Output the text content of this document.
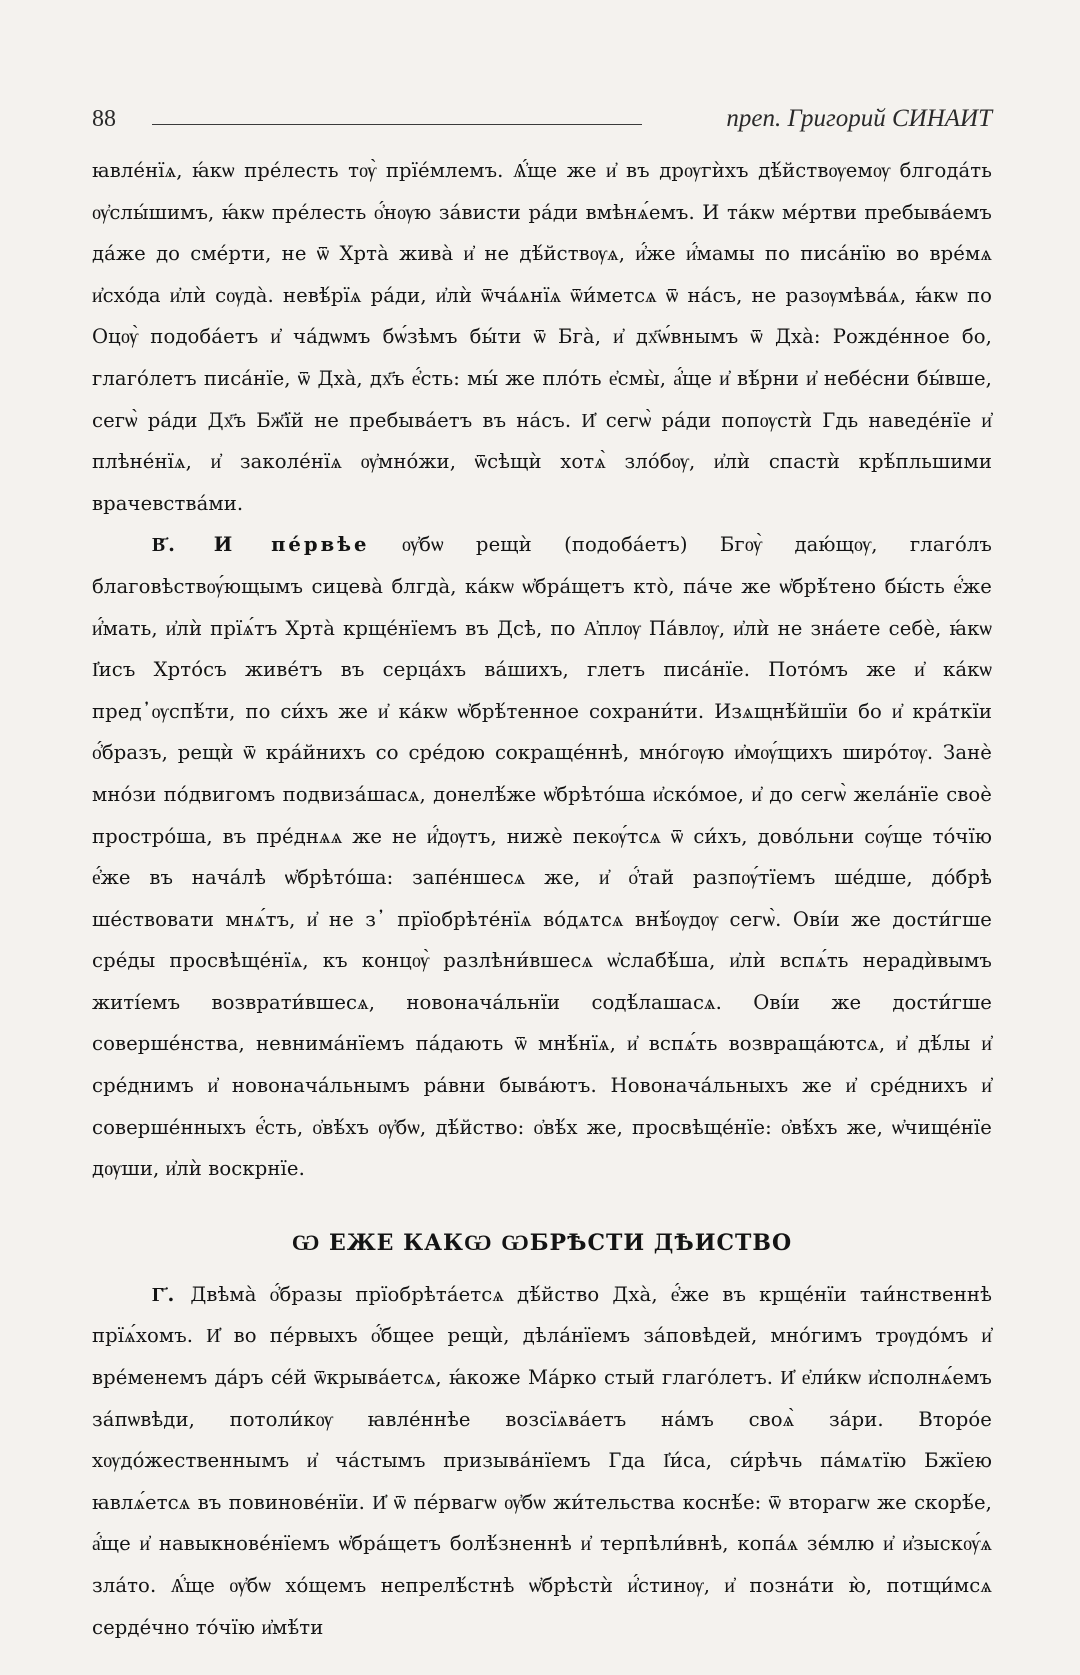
88	преп. Григорий СИНАИТ

ꙗвле́нїѧ, ꙗ́кѡ пре́лесть тѹ̀ прїе́млемъ. Ѧ҆́ще же и҆ въ дрѹгѝхъ дѣ́йствѹемѹ блгода́ть ѹ҆слы́шимъ, ꙗ́кѡ пре́лесть о҆́нѹю за́висти ра́ди вмѣнѧ́емъ. И та́кѡ ме́ртви пребыва́емъ да́же до сме́рти, не ѿ Хрта̀ жива̀ и҆ не дѣ́йствѹѧ, и҆́же и҆́мамы по писа́нїю во вре́мѧ и҆схо́да и҆лѝ сѹда̀. невѣ́рїѧ ра́ди, и҆лѝ ѿча́ѧнїѧ ѿи́метсѧ ѿ на́съ, не разѹмѣва́ѧ, ꙗ́кѡ по Оцѹ̀ подоба́етъ и҆ ча́дѡмъ бѡ́зѣмъ бы́ти ѿ Бга̀, и҆ дх҃ѡ́внымъ ѿ Дха̀: Рожде́нное бо, глаго́летъ писа́нїе, ѿ Дха̀, дх҃ъ е҆́сть: мы́ же пло́ть е҆смы̀, а҆́ще и҆ вѣ́рни и҆ небе́сни бы́вше, сегѡ̀ ра́ди Дх҃ъ Бж҃їй не пребыва́етъ въ на́съ. И҆ сегѡ̀ ра́ди попѹстѝ Гдь наведе́нїе и҆ плѣне́нїѧ, и҆ заколе́нїѧ ѹ҆мно́жи, ѿсѣщѝ хотѧ̀ зло́бѹ, и҆лѝ спастѝ крѣ́пльшими врачевства́ми.

В҃. И пе́рвѣе ѹ҆бѡ рещѝ (подоба́етъ) Бгѹ̀ даю́щѹ, глаго́лъ благовѣствѹ́ющымъ сицева̀ блгда̀, ка́кѡ ѡ҆бра́щетъ кто̀, па́че же ѡ҆брѣ́тено бы́сть е҆́же и҆́мать, и҆лѝ прїѧ́тъ Хрта̀ крще́нїемъ въ Дсѣ, по А҆плѹ Па́влѹ, и҆лѝ не зна́ете себѐ, ꙗ́кѡ І҆исъ Хрто́съ живе́тъ въ серца́хъ ва́шихъ, глетъ писа́нїе. Пото́мъ же и҆ ка́кѡ пред᾿ѹспѣ́ти, по си́хъ же и҆ ка́кѡ ѡ҆брѣ́тенное сохрани́ти. Изѧщнѣ́йшїи бо и҆ кра́ткїи о҆́бразъ, рещѝ ѿ кра́йнихъ со сре́дою сокраще́ннѣ, мно́гѹю и҆мѹ́щихъ широ́тѹ. Занѐ мно́зи по́двигомъ подвиза́шасѧ, донелѣ́же ѡ҆брѣто́ша и҆ско́мое, и҆ до сегѡ̀ жела́нїе своѐ простро́ша, въ пре́днѧѧ же не и҆́дѹтъ, нижѐ пекѹ́тсѧ ѿ си́хъ, дово́льни сѹ́ще то́чїю е҆́же въ нача́лѣ ѡ҆брѣто́ша: запе́ншесѧ же, и҆ о҆́тай разпѹ́тїемъ ше́дше, до́брѣ ше́ствовати мнѧ́тъ, и҆ не з᾿ прїобрѣте́нїѧ во́дѧтсѧ внѣ́ѹдѹ сегѡ̀. Ові́и же дости́гше сре́ды просвѣще́нїѧ, къ концѹ̀ разлѣни́вшесѧ ѡ҆слабѣ́ша, и҆лѝ вспѧ́ть нерадѝвымъ житі́емъ возврати́вшесѧ, новонача́льнїи содѣ́лашасѧ. Ові́и же дости́гше соверше́нства, невнима́нїемъ па́дають ѿ мнѣ́нїѧ, и҆ вспѧ́ть возвраща́ютсѧ, и҆ дѣ́лы и҆ сре́днимъ и҆ новонача́льнымъ ра́вни быва́ютъ. Новонача́льныхъ же и҆ сре́днихъ и҆ соверше́нныхъ е҆́сть, о҆вѣ́хъ ѹ҆бѡ, дѣ́йство: о҆вѣ́х же, просвѣще́нїе: о҆вѣ́хъ же, ѡ҆чище́нїе дѹши, и҆лѝ воскрнїе.

Ѡ ЕЖЕ КАКѠ ѠБРѢСТИ ДѢИСТВО

Г҃. Двѣма̀ о҆́бразы прїобрѣта́етсѧ дѣ́йство Дха̀, е҆́же въ крще́нїи таи́нственнѣ прїѧ́хомъ. И҆ во пе́рвыхъ о҆́бщее рещѝ, дѣла́нїемъ за́повѣдей, мно́гимъ трѹдо́мъ и҆ вре́менемъ да́ръ се́й ѿкрыва́етсѧ, ꙗ́коже Ма́рко стый глаго́летъ. И҆ е҆ли́кѡ и҆сполнѧ́емъ за́пѡвѣди, потоли́кѹ ꙗвле́ннѣе возсїѧва́етъ на́мъ своѧ̀ за́ри. Второ́е хѹдо́жественнымъ и҆ ча́стымъ призыва́нїемъ Гда І҆и́са, си́рѣчь па́мѧтїю Бжїею ꙗвлѧ́етсѧ въ повинове́нїи. И҆ ѿ пе́рвагѡ ѹ҆бѡ жи́тельства коснѣ́е: ѿ вторагѡ же скорѣ́е, а҆́ще и҆ навыкнове́нїемъ ѡ҆бра́щетъ болѣ́зненнѣ и҆ терпѣли́внѣ, копа́ѧ зе́млю и҆ и҆зыскѹ́ѧ зла́то. Ѧ҆́ще ѹ҆бѡ хо́щемъ непрелѣ́стнѣ ѡ҆брѣстѝ и҆́стинѹ, и҆ позна́ти ю̀, потщи́мсѧ серде́чно то́чїю и҆мѣ́ти
